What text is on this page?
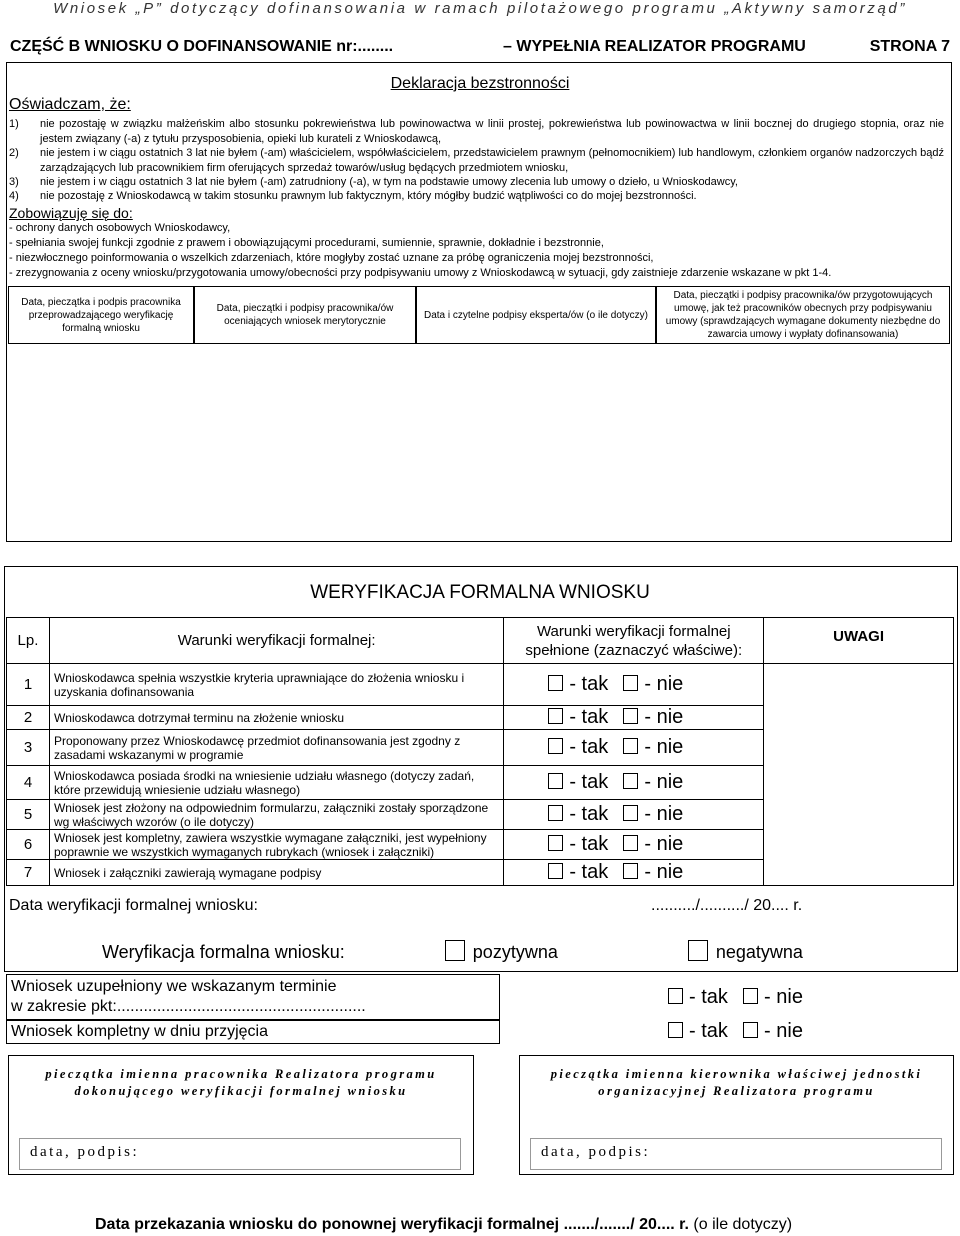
Wniosek „P” dotyczący dofinansowania w ramach pilotażowego programu „Aktywny samorząd”
CZĘŚĆ B WNIOSKU O DOFINANSOWANIE nr:........	– WYPEŁNIA REALIZATOR PROGRAMU	STRONA 7
Deklaracja bezstronności
Oświadczam, że:
1) nie pozostaję w związku małżeńskim albo stosunku pokrewieństwa lub powinowactwa w linii prostej, pokrewieństwa lub powinowactwa w linii bocznej do drugiego stopnia, oraz nie jestem związany (-a) z tytułu przysposobienia, opieki lub kurateli z Wnioskodawcą,
2) nie jestem i w ciągu ostatnich 3 lat nie byłem (-am) właścicielem, współwłaścicielem, przedstawicielem prawnym (pełnomocnikiem) lub handlowym, członkiem organów nadzorczych bądź zarządzających lub pracownikiem firm oferujących sprzedaż towarów/usług będących przedmiotem wniosku,
3) nie jestem i w ciągu ostatnich 3 lat nie byłem (-am) zatrudniony (-a), w tym na podstawie umowy zlecenia lub umowy o dzieło, u Wnioskodawcy,
4) nie pozostaję z Wnioskodawcą w takim stosunku prawnym lub faktycznym, który mógłby budzić wątpliwości co do mojej bezstronności.
Zobowiązuję się do:
- ochrony danych osobowych Wnioskodawcy,
- spełniania swojej funkcji zgodnie z prawem i obowiązującymi procedurami, sumiennie, sprawnie, dokładnie i bezstronnie,
- niezwłocznego poinformowania o wszelkich zdarzeniach, które mogłyby zostać uznane za próbę ograniczenia mojej bezstronności,
- zrezygnowania z oceny wniosku/przygotowania umowy/obecności przy podpisywaniu umowy z Wnioskodawcą w sytuacji, gdy zaistnieje zdarzenie wskazane w pkt 1-4.
Data, pieczątka i podpis pracownika przeprowadzającego weryfikację formalną wniosku
Data, pieczątki i podpisy pracownika/ów oceniających wniosek merytorycznie
Data i czytelne podpisy eksperta/ów (o ile dotyczy)
Data, pieczątki i podpisy pracownika/ów przygotowujących umowę, jak też pracowników obecnych przy podpisywaniu umowy (sprawdzających wymagane dokumenty niezbędne do zawarcia umowy i wypłaty dofinansowania)
WERYFIKACJA FORMALNA WNIOSKU
Lp.	Warunki weryfikacji formalnej:	Warunki weryfikacji formalnej spełnione (zaznaczyć właściwe):	UWAGI
1	Wnioskodawca spełnia wszystkie kryteria uprawniające do złożenia wniosku i uzyskania dofinansowania	- tak - nie	
2	Wnioskodawca dotrzymał terminu na złożenie wniosku	- tak - nie	
3	Proponowany przez Wnioskodawcę przedmiot dofinansowania jest zgodny z zasadami wskazanymi w programie	- tak - nie	
4	Wnioskodawca posiada środki na wniesienie udziału własnego (dotyczy zadań, które przewidują wniesienie udziału własnego)	- tak - nie	
5	Wniosek jest złożony na odpowiednim formularzu, załączniki zostały sporządzone wg właściwych wzorów (o ile dotyczy)	- tak - nie	
6	Wniosek jest kompletny, zawiera wszystkie wymagane załączniki, jest wypełniony poprawnie we wszystkich wymaganych rubrykach (wniosek i załączniki)	- tak - nie	
7	Wniosek i załączniki zawierają wymagane podpisy	- tak - nie	
Data weryfikacji formalnej wniosku:	........../........../ 20.... r.
Weryfikacja formalna wniosku:	pozytywna	negatywna
Wniosek uzupełniony we wskazanym terminie
w zakresie pkt:........................................................
Wniosek kompletny w dniu przyjęcia
- tak - nie
- tak - nie
pieczątka imienna pracownika Realizatora programu dokonującego weryfikacji formalnej wniosku
data, podpis:
pieczątka imienna kierownika właściwej jednostki organizacyjnej Realizatora programu
data, podpis:
Data przekazania wniosku do ponownej weryfikacji formalnej ......./......./ 20.... r. (o ile dotyczy)
